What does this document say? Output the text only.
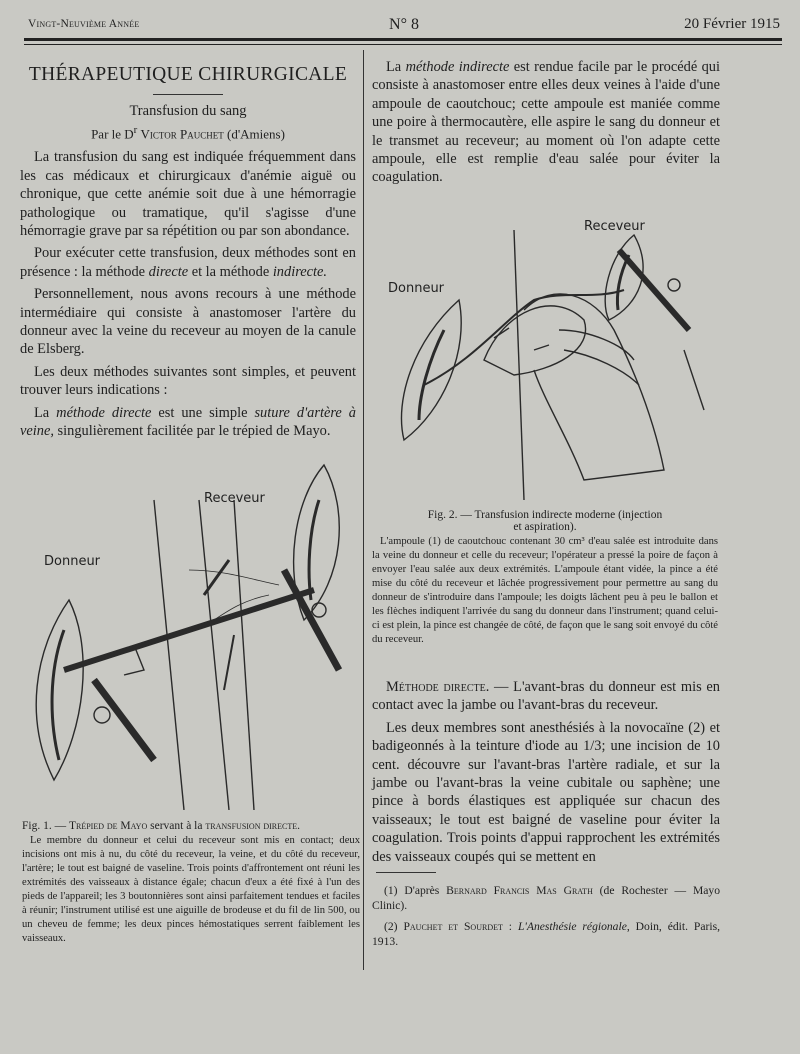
Vingt-Neuvième Année	N° 8	20 Février 1915
THÉRAPEUTIQUE CHIRURGICALE
Transfusion du sang
Par le $D^r$ Victor Pauchet (d'Amiens)

La transfusion du sang est indiquée fréquemment dans les cas médicaux et chirurgicaux d'anémie aiguë ou chronique, que cette anémie soit due à une hémorragie pathologique ou tramatique, qu'il s'agisse d'une hémorragie grave par sa répétition ou par son abondance.

Pour exécuter cette transfusion, deux méthodes sont en présence : la méthode directe et la méthode indirecte.

Personnellement, nous avons recours à une méthode intermédiaire qui consiste à anastomoser l'artère du donneur avec la veine du receveur au moyen de la canule de Elsberg.

Les deux méthodes suivantes sont simples, et peuvent trouver leurs indications :

La méthode directe est une simple suture d'artère à veine, singulièrement facilitée par le trépied de Mayo.

Receveur
Donneur

Fig. 1. — Trépied de Mayo servant à la transfusion directe.

Le membre du donneur et celui du receveur sont mis en contact; deux incisions ont mis à nu, du côté du receveur, la veine, et du côté du receveur, l'artère; le tout est baigné de vaseline. Trois points d'affrontement ont réuni les extrémités des vaisseaux à distance égale; chacun d'eux a été fixé à l'un des pieds de l'appareil; les 3 boutonnières sont ainsi parfaitement tendues et faciles à réunir; l'instrument utilisé est une aiguille de brodeuse et du fil de lin 500, ou un cheveu de femme; les deux pinces hémostatiques serrent faiblement les vaisseaux.

La méthode indirecte est rendue facile par le procédé qui consiste à anastomoser entre elles deux veines à l'aide d'une ampoule de caoutchouc; cette ampoule est maniée comme une poire à thermocautère, elle aspire le sang du donneur et le transmet au receveur; au moment où l'on adapte cette ampoule, elle est remplie d'eau salée pour éviter la coagulation.

Receveur
Donneur

Fig. 2. — Transfusion indirecte moderne (injection

et aspiration).

L'ampoule (1) de caoutchouc contenant 30 cm³ d'eau salée est introduite dans la veine du donneur et celle du receveur; l'opérateur a pressé la poire de façon à envoyer l'eau salée aux deux extrémités. L'ampoule étant vidée, la pince a été mise du côté du receveur et lâchée progressivement pour permettre au sang du donneur de s'introduire dans l'ampoule; les doigts lâchent peu à peu le ballon et les flèches indiquent l'arrivée du sang du donneur dans l'instrument; quand celui-ci est plein, la pince est changée de côté, de façon que le sang soit envoyé du côté du receveur.

Méthode directe. — L'avant-bras du donneur est mis en contact avec la jambe ou l'avant-bras du receveur.

Les deux membres sont anesthésiés à la novocaïne (2) et badigeonnés à la teinture d'iode au 1/3; une incision de 10 cent. découvre sur l'avant-bras l'artère radiale, et sur la jambe ou l'avant-bras la veine cubitale ou saphène; une pince à bords élastiques est appliquée sur chacun des vaisseaux; le tout est baigné de vaseline pour éviter la coagulation. Trois points d'appui rapprochent les extrémités des vaisseaux coupés qui se mettent en

(1) D'après Bernard Francis Mas Grath (de Rochester — Mayo Clinic).

(2) Pauchet et Sourdet : L'Anesthésie régionale, Doin, édit. Paris, 1913.
